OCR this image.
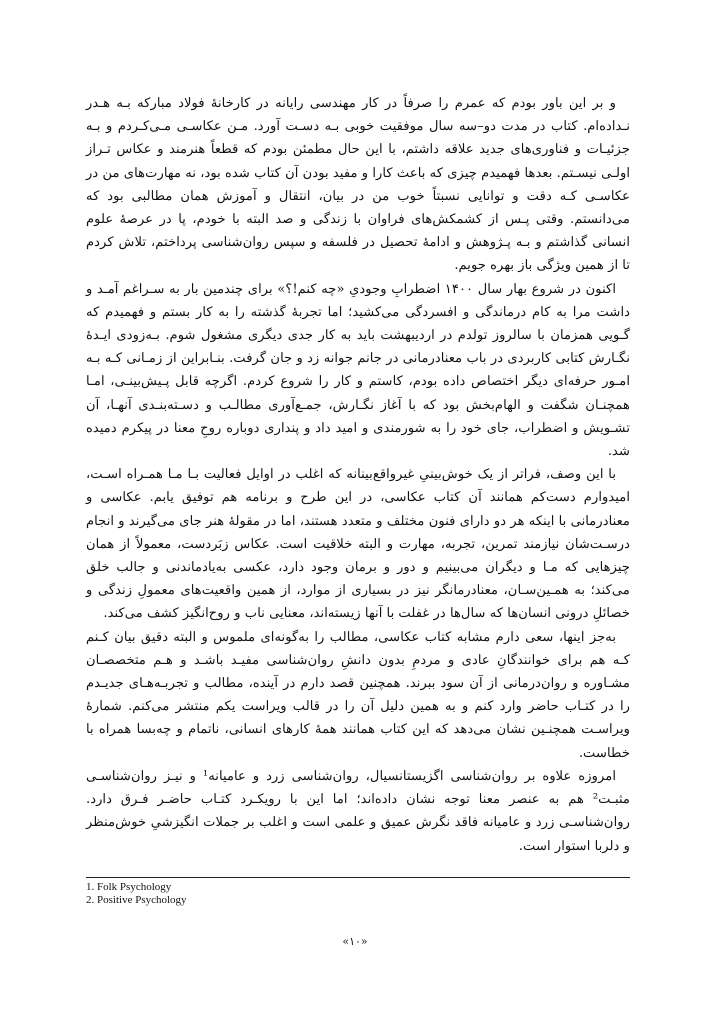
و بر این باور بودم که عمرم را صرفاً در کار مهندسی رایانه در کارخانهٔ فولاد مبارکه بـه هـدر نـداده‌ام. کتاب در مدت دو–سه سال موفقیت خوبی بـه دسـت آورد. مـن عکاسـی مـی‌کـردم و بـه جزئیـات و فناوری‌های جدید علاقه داشتم، با این حال مطمئن بودم که قطعاً هنرمند و عکاس تـراز اولـی نیسـتم. بعدها فهمیدم چیزی که باعث کارا و مفید بودن آن کتاب شده بود، نه مهارت‌های من در عکاسـی کـه دقت و توانایی نسبتاً خوب من در بیان، انتقال و آموزش همان مطالبی بود که می‌دانستم. وقتی پـس از کشمکش‌های فراوان با زندگی و صد البته با خودم، پا در عرصهٔ علوم انسانی گذاشتم و بـه پـژوهش و ادامهٔ تحصیل در فلسفه و سپس روان‌شناسی پرداختم، تلاش کردم تا از همین ویژگی باز بهره جویم.

اکنون در شروع بهار سال ۱۴۰۰ اضطرابِ وجودیِ «چه کنم!؟» برای چندمین بار به سـراغم آمـد و داشت مرا به کام درماندگی و افسردگی می‌کشید؛ اما تجربهٔ گذشته را به کار بستم و فهمیدم که گـویی همزمان با سالروز تولدم در اردیبهشت باید به کار جدی دیگری مشغول شوم. بـه‌زودی ایـدهٔ نگـارش کتابی کاربردی در باب معنادرمانی در جانم جوانه زد و جان گرفت. بنـابراین از زمـانی کـه بـه امـور حرفه‌ای دیگر اختصاص داده بودم، کاستم و کار را شروع کردم. اگرچه قابل پـیش‌بینـی، امـا همچنـان شگفت و الهام‌بخش بود که با آغاز نگـارش، جمـع‌آوری مطالـب و دسـته‌بنـدی آنهـا، آن تشـویش و اضطراب، جای خود را به شورمندی و امید داد و پنداری دوباره روحِ معنا در پیکرم دمیده شد.

با این وصف، فراتر از یک خوش‌بینیِ غیرواقع‌بینانه که اغلب در اوایل فعالیت بـا مـا همـراه اسـت، امیدوارم دست‌کم همانند آن کتاب عکاسی، در این طرح و برنامه هم توفیق یابم. عکاسی و معنادرمانی با اینکه هر دو دارای فنون مختلف و متعدد هستند، اما در مقولهٔ هنر جای می‌گیرند و انجام درسـت‌شان نیازمند تمرین، تجربه، مهارت و البته خلاقیت است. عکاس زبَردست، معمولاً از همان چیزهایی که مـا و دیگران می‌بینیم و دور و برمان وجود دارد، عکسی به‌یادماندنی و جالب خلق می‌کند؛ به همـین‌سـان، معنادرمانگر نیز در بسیاری از موارد، از همین واقعیت‌های معمولِ زندگی و خصائلِ درونی انسان‌ها که سال‌ها در غفلت با آنها زیسته‌اند، معنایی ناب و روح‌انگیز کشف می‌کند.

به‌جز اینها، سعی دارم مشابه کتاب عکاسی، مطالب را به‌گونه‌ای ملموس و البته دقیق بیان کـنم کـه هم برای خوانندگانِ عادی و مردمِ بدون دانشِ روان‌شناسی مفیـد باشـد و هـم متخصصـان مشـاوره و روان‌درمانی از آن سود ببرند. همچنین قصد دارم در آینده، مطالب و تجربـه‌هـای جدیـدم را در کتـاب حاضر وارد کنم و به همین دلیل آن را در قالب ویراست یکم منتشر می‌کنم. شمارهٔ ویراسـت همچنـین نشان می‌دهد که این کتاب همانند همهٔ کارهای انسانی، ناتمام و چه‌بسا همراه با خطاست.

امروزه علاوه بر روان‌شناسی اگزیستانسیال، روان‌شناسی زرد و عامیانه¹ و نیـز روان‌شناسـی مثبـت² هم به عنصر معنا توجه نشان داده‌اند؛ اما این با رویکـرد کتـاب حاضـر فـرق دارد. روان‌شناسـی زرد و عامیانه فاقد نگرش عمیق و علمی است و اغلب بر جملات انگیزشیِ خوش‌منظر و دلربا استوار است.

1. Folk Psychology

2. Positive Psychology

«۱۰»
